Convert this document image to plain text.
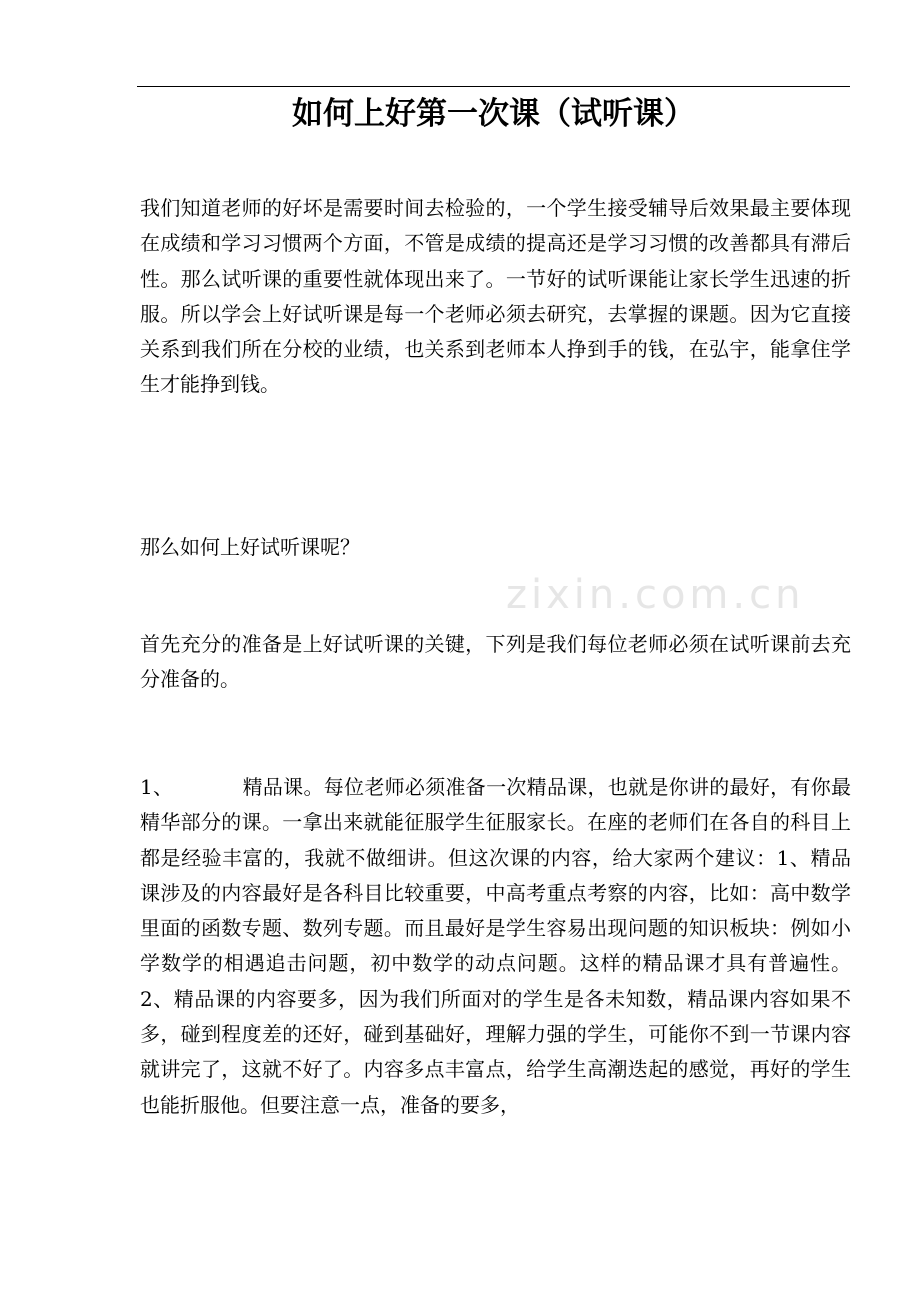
如何上好第一次课（试听课）

我们知道老师的好坏是需要时间去检验的，一个学生接受辅导后效果最主要体现在成绩和学习习惯两个方面，不管是成绩的提高还是学习习惯的改善都具有滞后性。那么试听课的重要性就体现出来了。一节好的试听课能让家长学生迅速的折服。所以学会上好试听课是每一个老师必须去研究，去掌握的课题。因为它直接关系到我们所在分校的业绩，也关系到老师本人挣到手的钱，在弘宇，能拿住学生才能挣到钱。

那么如何上好试听课呢？

首先充分的准备是上好试听课的关键，下列是我们每位老师必须在试听课前去充分准备的。

1、	精品课。每位老师必须准备一次精品课，也就是你讲的最好，有你最精华部分的课。一拿出来就能征服学生征服家长。在座的老师们在各自的科目上都是经验丰富的，我就不做细讲。但这次课的内容，给大家两个建议：1、精品课涉及的内容最好是各科目比较重要，中高考重点考察的内容，比如：高中数学里面的函数专题、数列专题。而且最好是学生容易出现问题的知识板块：例如小学数学的相遇追击问题，初中数学的动点问题。这样的精品课才具有普遍性。2、精品课的内容要多，因为我们所面对的学生是各未知数，精品课内容如果不多，碰到程度差的还好，碰到基础好，理解力强的学生，可能你不到一节课内容就讲完了，这就不好了。内容多点丰富点，给学生高潮迭起的感觉，再好的学生也能折服他。但要注意一点，准备的要多，

zixin.com.cn
